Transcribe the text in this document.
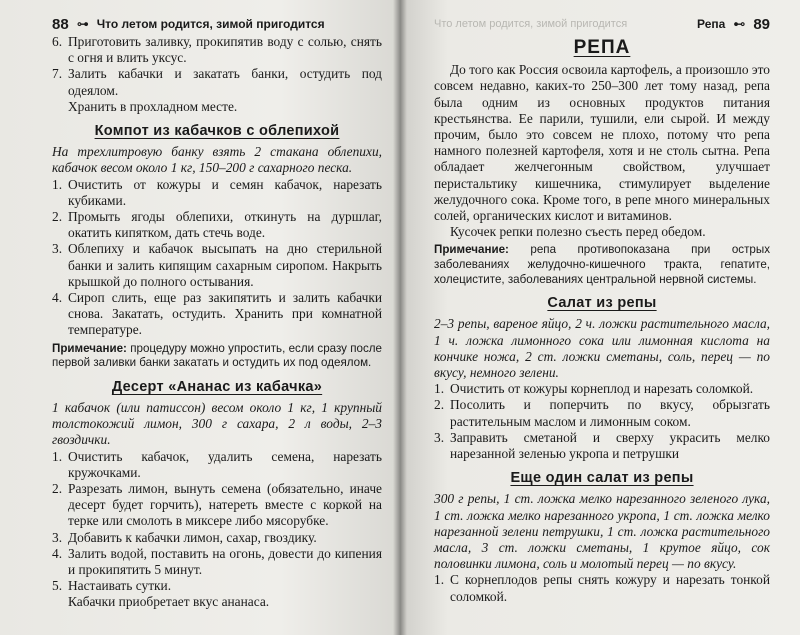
88 ⊶ Что летом родится, зимой пригодится
6. Приготовить заливку, прокипятив воду с солью, снять с огня и влить уксус.
7. Залить кабачки и закатать банки, остудить под одеялом.

Хранить в прохладном месте.

Компот из кабачков с облепихой

На трехлитровую банку взять 2 стакана облепихи, кабачок весом около 1 кг, 150–200 г сахарного песка.

1. Очистить от кожуры и семян кабачок, нарезать кубиками.
2. Промыть ягоды облепихи, откинуть на дуршлаг, окатить кипятком, дать стечь воде.
3. Облепиху и кабачок высыпать на дно стерильной банки и залить кипящим сахарным сиропом. Накрыть крышкой до полного остывания.
4. Сироп слить, еще раз закипятить и залить кабачки снова. Закатать, остудить. Хранить при комнатной температуре.

Примечание: процедуру можно упростить, если сразу после первой заливки банки закатать и остудить их под одеялом.

Десерт «Ананас из кабачка»

1 кабачок (или патиссон) весом около 1 кг, 1 крупный толстокожий лимон, 300 г сахара, 2 л воды, 2–3 гвоздички.

1. Очистить кабачок, удалить семена, нарезать кружочками.
2. Разрезать лимон, вынуть семена (обязательно, иначе десерт будет горчить), натереть вместе с коркой на терке или смолоть в миксере либо мясорубке.
3. Добавить к кабачки лимон, сахар, гвоздику.
4. Залить водой, поставить на огонь, довести до кипения и прокипятить 5 минут.
5. Настаивать сутки.

Кабачки приобретает вкус ананаса.

Что летом родится, зимой пригодится	Репа ⊷ 89
РЕПА

До того как Россия освоила картофель, а произошло это совсем недавно, каких-то 250–300 лет тому назад, репа была одним из основных продуктов питания крестьянства. Ее парили, тушили, ели сырой. И между прочим, было это совсем не плохо, потому что репа намного полезней картофеля, хотя и не столь сытна. Репа обладает желчегонным свойством, улучшает перистальтику кишечника, стимулирует выделение желудочного сока. Кроме того, в репе много минеральных солей, органических кислот и витаминов.

Кусочек репки полезно съесть перед обедом.

Примечание: репа противопоказана при острых заболеваниях желудочно-кишечного тракта, гепатите, холецистите, заболеваниях центральной нервной системы.

Салат из репы

2–3 репы, вареное яйцо, 2 ч. ложки растительного масла, 1 ч. ложка лимонного сока или лимонная кислота на кончике ножа, 2 ст. ложки сметаны, соль, перец — по вкусу, немного зелени.

1. Очистить от кожуры корнеплод и нарезать соломкой.
2. Посолить и поперчить по вкусу, обрызгать растительным маслом и лимонным соком.
3. Заправить сметаной и сверху украсить мелко нарезанной зеленью укропа и петрушки
Еще один салат из репы

300 г репы, 1 ст. ложка мелко нарезанного зеленого лука, 1 ст. ложка мелко нарезанного укропа, 1 ст. ложка мелко нарезанной зелени петрушки, 1 ст. ложка растительного масла, 3 ст. ложки сметаны, 1 крутое яйцо, сок половинки лимона, соль и молотый перец — по вкусу.

1. С корнеплодов репы снять кожуру и нарезать тонкой соломкой.
